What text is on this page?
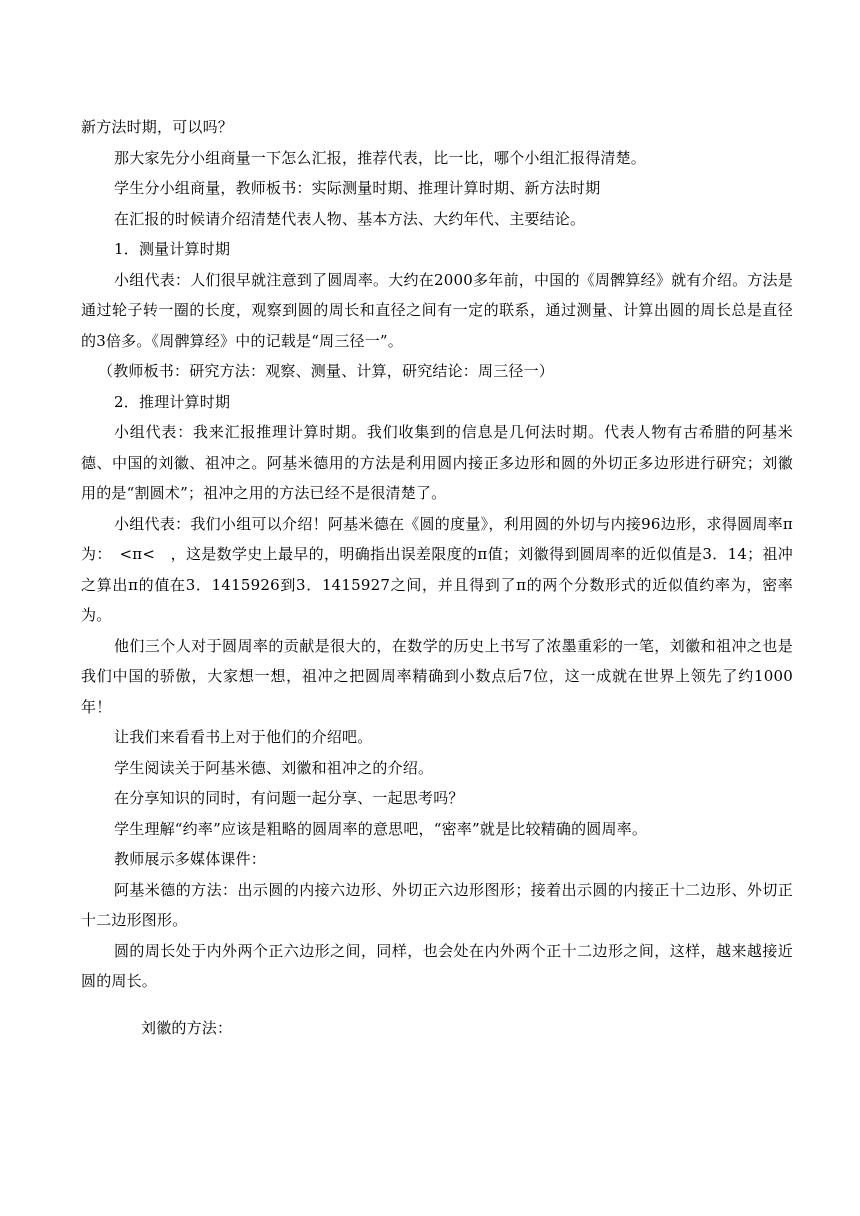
新方法时期，可以吗？

那大家先分小组商量一下怎么汇报，推荐代表，比一比，哪个小组汇报得清楚。

学生分小组商量，教师板书：实际测量时期、推理计算时期、新方法时期

在汇报的时候请介绍清楚代表人物、基本方法、大约年代、主要结论。

1．测量计算时期

小组代表：人们很早就注意到了圆周率。大约在2000多年前，中国的《周髀算经》就有介绍。方法是通过轮子转一圈的长度，观察到圆的周长和直径之间有一定的联系，通过测量、计算出圆的周长总是直径的3倍多。《周髀算经》中的记载是“周三径一”。

（教师板书：研究方法：观察、测量、计算，研究结论：周三径一）

2．推理计算时期

小组代表：我来汇报推理计算时期。我们收集到的信息是几何法时期。代表人物有古希腊的阿基米德、中国的刘徽、祖冲之。阿基米德用的方法是利用圆内接正多边形和圆的外切正多边形进行研究；刘徽用的是“割圆术”；祖冲之用的方法已经不是很清楚了。

小组代表：我们小组可以介绍！阿基米德在《圆的度量》，利用圆的外切与内接96边形，求得圆周率π为：　<π<　，这是数学史上最早的，明确指出误差限度的π值；刘徽得到圆周率的近似值是3．14；祖冲之算出π的值在3．1415926到3．1415927之间，并且得到了π的两个分数形式的近似值约率为，密率为。

他们三个人对于圆周率的贡献是很大的，在数学的历史上书写了浓墨重彩的一笔，刘徽和祖冲之也是我们中国的骄傲，大家想一想，祖冲之把圆周率精确到小数点后7位，这一成就在世界上领先了约1000年！

让我们来看看书上对于他们的介绍吧。

学生阅读关于阿基米德、刘徽和祖冲之的介绍。

在分享知识的同时，有问题一起分享、一起思考吗？

学生理解“约率”应该是粗略的圆周率的意思吧，“密率”就是比较精确的圆周率。

教师展示多媒体课件：

阿基米德的方法：出示圆的内接六边形、外切正六边形图形；接着出示圆的内接正十二边形、外切正十二边形图形。

圆的周长处于内外两个正六边形之间，同样，也会处在内外两个正十二边形之间，这样，越来越接近圆的周长。

刘徽的方法：
